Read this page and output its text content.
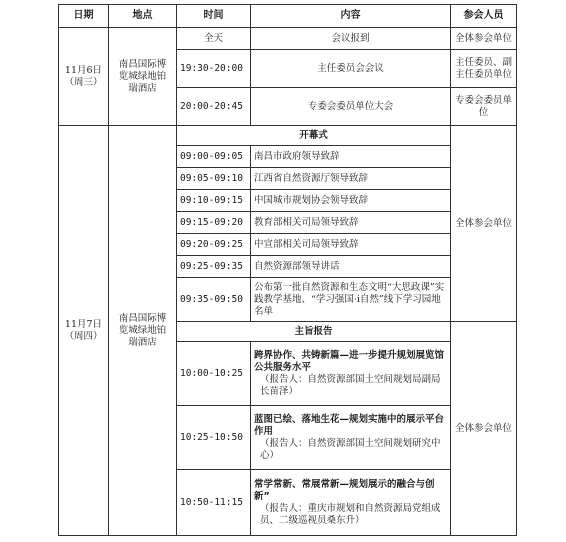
日期	地点	时间	内容	参会人员

11月6日
（周三）	南昌国际博
览城绿地铂
瑞酒店	全天	会议报到	全体参会单位
		19:30-20:00	主任委员会会议	主任委员、副主任委员单位
		20:00-20:45	专委会委员单位大会	专委会委员单位

11月7日
（周四）	南昌国际博
览城绿地铂
瑞酒店	开幕式		全体参会单位
		09:00-09:05	南昌市政府领导致辞	
		09:05-09:10	江西省自然资源厅领导致辞	
		09:10-09:15	中国城市规划协会领导致辞	
		09:15-09:20	教育部相关司局领导致辞	
		09:20-09:25	中宣部相关司局领导致辞	
		09:25-09:35	自然资源部领导讲话	
		09:35-09:50	公布第一批自然资源和生态文明“大思政课”实践教学基地、“学习强国·i自然”线下学习园地名单	
		主旨报告		全体参会单位
		10:00-10:25	跨界协作、共铸新篇—进一步提升规划展览馆公共服务水平
（报告人：自然资源部国土空间规划局副局长苗泽）	

		10:25-10:50	蓝图已绘、落地生花—规划实施中的展示平台作用
（报告人：自然资源部国土空间规划研究中心）	

		10:50-11:15	常学常新、常展常新—规划展示的融合与创新”
（报告人：重庆市规划和自然资源局党组成员、二级巡视员桑东升）	
